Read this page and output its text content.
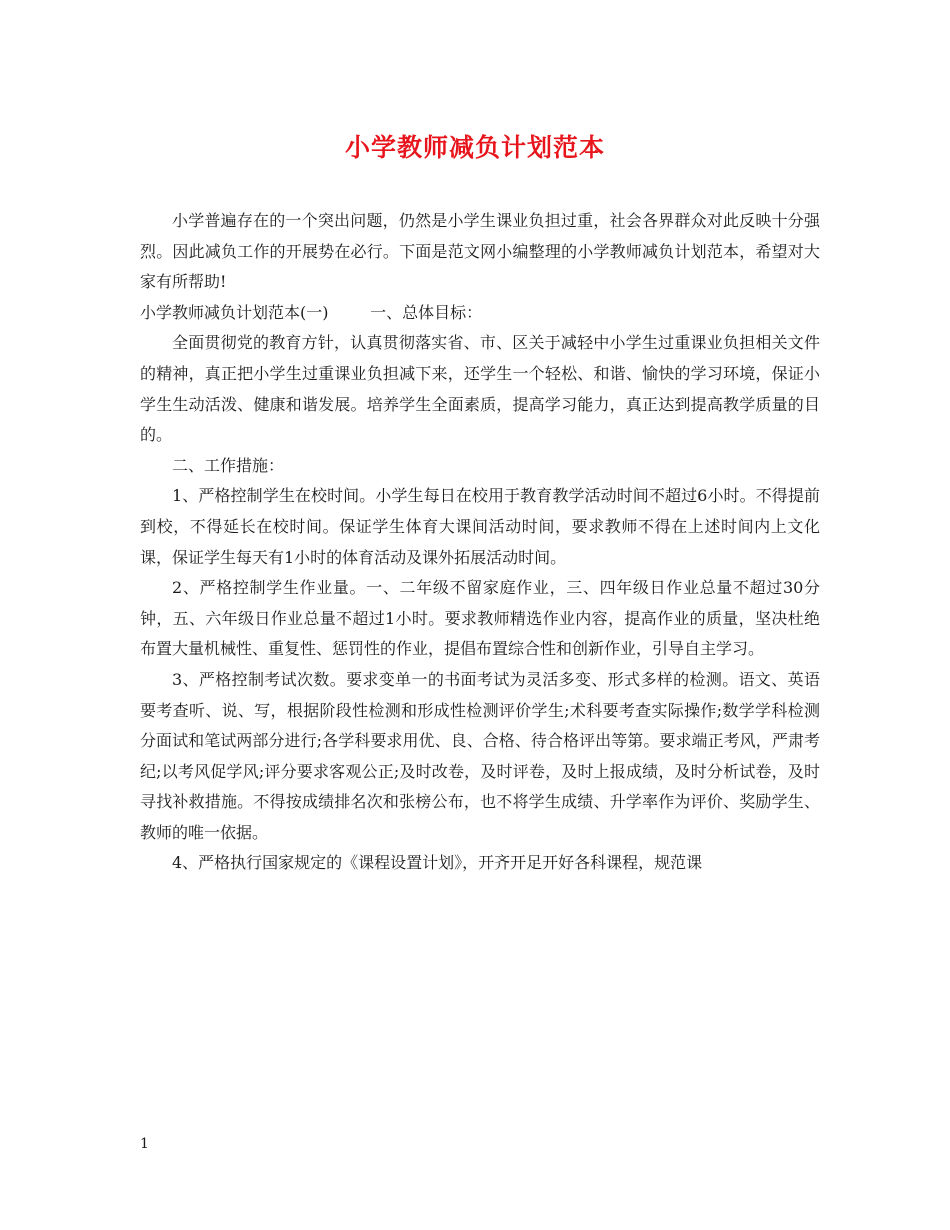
小学教师减负计划范本

小学普遍存在的一个突出问题，仍然是小学生课业负担过重，社会各界群众对此反映十分强烈。因此减负工作的开展势在必行。下面是范文网小编整理的小学教师减负计划范本，希望对大家有所帮助!

小学教师减负计划范本(一)	一、总体目标：

全面贯彻党的教育方针，认真贯彻落实省、市、区关于减轻中小学生过重课业负担相关文件的精神，真正把小学生过重课业负担减下来，还学生一个轻松、和谐、愉快的学习环境，保证小学生生动活泼、健康和谐发展。培养学生全面素质，提高学习能力，真正达到提高教学质量的目的。

二、工作措施：

1、严格控制学生在校时间。小学生每日在校用于教育教学活动时间不超过6小时。不得提前到校，不得延长在校时间。保证学生体育大课间活动时间，要求教师不得在上述时间内上文化课，保证学生每天有1小时的体育活动及课外拓展活动时间。

2、严格控制学生作业量。一、二年级不留家庭作业，三、四年级日作业总量不超过30分钟，五、六年级日作业总量不超过1小时。要求教师精选作业内容，提高作业的质量，坚决杜绝 布置大量机械性、重复性、惩罚性的作业，提倡布置综合性和创新作业，引导自主学习。

3、严格控制考试次数。要求变单一的书面考试为灵活多变、形式多样的检测。语文、英语要考查听、说、写，根据阶段性检测和形成性检测评价学生;术科要考查实际操作;数学学科检测分面试和笔试两部分进行;各学科要求用优、良、合格、待合格评出等第。要求端正考风，严肃考纪;以考风促学风;评分要求客观公正;及时改卷，及时评卷，及时上报成绩，及时分析试卷，及时寻找补救措施。不得按成绩排名次和张榜公布，也不将学生成绩、升学率作为评价、奖励学生、教师的唯一依据。

4、严格执行国家规定的《课程设置计划》，开齐开足开好各科课程，规范课

1
